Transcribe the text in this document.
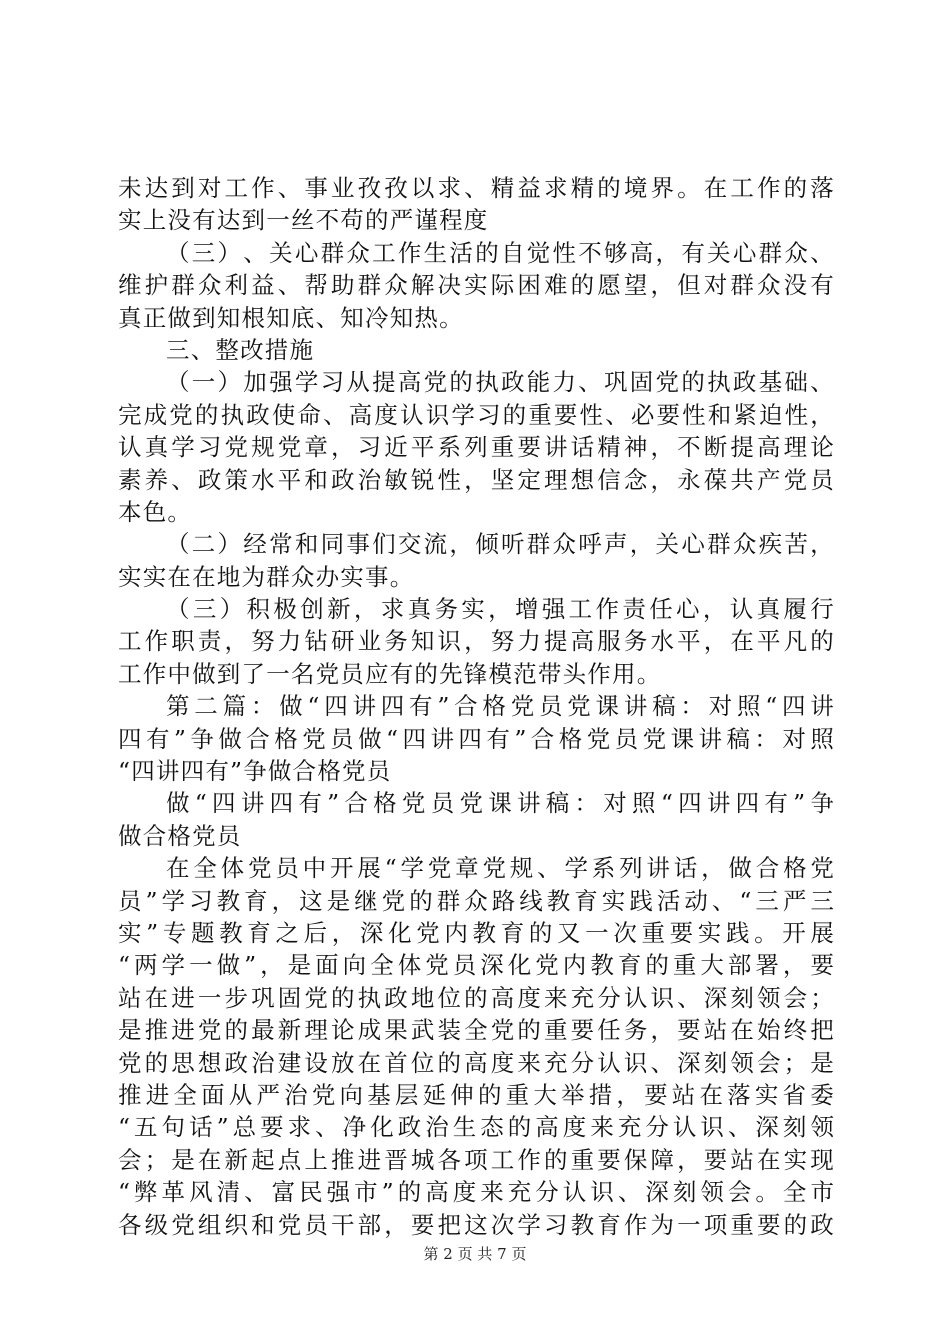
未 达 到 对 工 作 、 事 业 孜 孜 以 求 、 精 益 求 精 的 境 界 。 在 工 作 的 落
实上没有达到一丝不苟的严谨程度
（ 三 ） 、 关 心 群 众 工 作 生 活 的 自 觉 性 不 够 高 ， 有 关 心 群 众 、
维 护 群 众 利 益 、 帮 助 群 众 解 决 实 际 困 难 的 愿 望 ， 但 对 群 众 没 有
真正做到知根知底、知冷知热。
三、整改措施
（ 一 ） 加 强 学 习 从 提 高 党 的 执 政 能 力 、 巩 固 党 的 执 政 基 础 、
完 成 党 的 执 政 使 命 、 高 度 认 识 学 习 的 重 要 性 、 必 要 性 和 紧 迫 性 ，
认 真 学 习 党 规 党 章 ， 习 近 平 系 列 重 要 讲 话 精 神 ， 不 断 提 高 理 论
素 养 、 政 策 水 平 和 政 治 敏 锐 性 ， 坚 定 理 想 信 念 ， 永 葆 共 产 党 员
本色。
（ 二 ） 经 常 和 同 事 们 交 流 ， 倾 听 群 众 呼 声 ， 关 心 群 众 疾 苦 ，
实实在在地为群众办实事。
（ 三 ） 积 极 创 新 ， 求 真 务 实 ， 增 强 工 作 责 任 心 ， 认 真 履 行
工 作 职 责 ， 努 力 钻 研 业 务 知 识 ， 努 力 提 高 服 务 水 平 ， 在 平 凡 的
工作中做到了一名党员应有的先锋模范带头作用。
第 二 篇 ： 做 “ 四 讲 四 有 ” 合 格 党 员 党 课 讲 稿 ： 对 照 “ 四 讲
四 有 ” 争 做 合 格 党 员 做 “ 四 讲 四 有 ” 合 格 党 员 党 课 讲 稿 ： 对 照
“四讲四有”争做合格党员
做 “ 四 讲 四 有 ” 合 格 党 员 党 课 讲 稿 ： 对 照 “ 四 讲 四 有 ” 争
做合格党员
在 全 体 党 员 中 开 展 “ 学 党 章 党 规 、 学 系 列 讲 话 ， 做 合 格 党
员 ” 学 习 教 育 ， 这 是 继 党 的 群 众 路 线 教 育 实 践 活 动 、 “ 三 严 三
实 ” 专 题 教 育 之 后 ， 深 化 党 内 教 育 的 又 一 次 重 要 实 践 。 开 展
“ 两 学 一 做 ” ， 是 面 向 全 体 党 员 深 化 党 内 教 育 的 重 大 部 署 ， 要
站 在 进 一 步 巩 固 党 的 执 政 地 位 的 高 度 来 充 分 认 识 、 深 刻 领 会 ；
是 推 进 党 的 最 新 理 论 成 果 武 装 全 党 的 重 要 任 务 ， 要 站 在 始 终 把
党 的 思 想 政 治 建 设 放 在 首 位 的 高 度 来 充 分 认 识 、 深 刻 领 会 ； 是
推 进 全 面 从 严 治 党 向 基 层 延 伸 的 重 大 举 措 ， 要 站 在 落 实 省 委
“ 五 句 话 ” 总 要 求 、 净 化 政 治 生 态 的 高 度 来 充 分 认 识 、 深 刻 领
会 ； 是 在 新 起 点 上 推 进 晋 城 各 项 工 作 的 重 要 保 障 ， 要 站 在 实 现
“ 弊 革 风 清 、 富 民 强 市 ” 的 高 度 来 充 分 认 识 、 深 刻 领 会 。 全 市
各 级 党 组 织 和 党 员 干 部 ， 要 把 这 次 学 习 教 育 作 为 一 项 重 要 的 政
第 2 页 共 7 页
